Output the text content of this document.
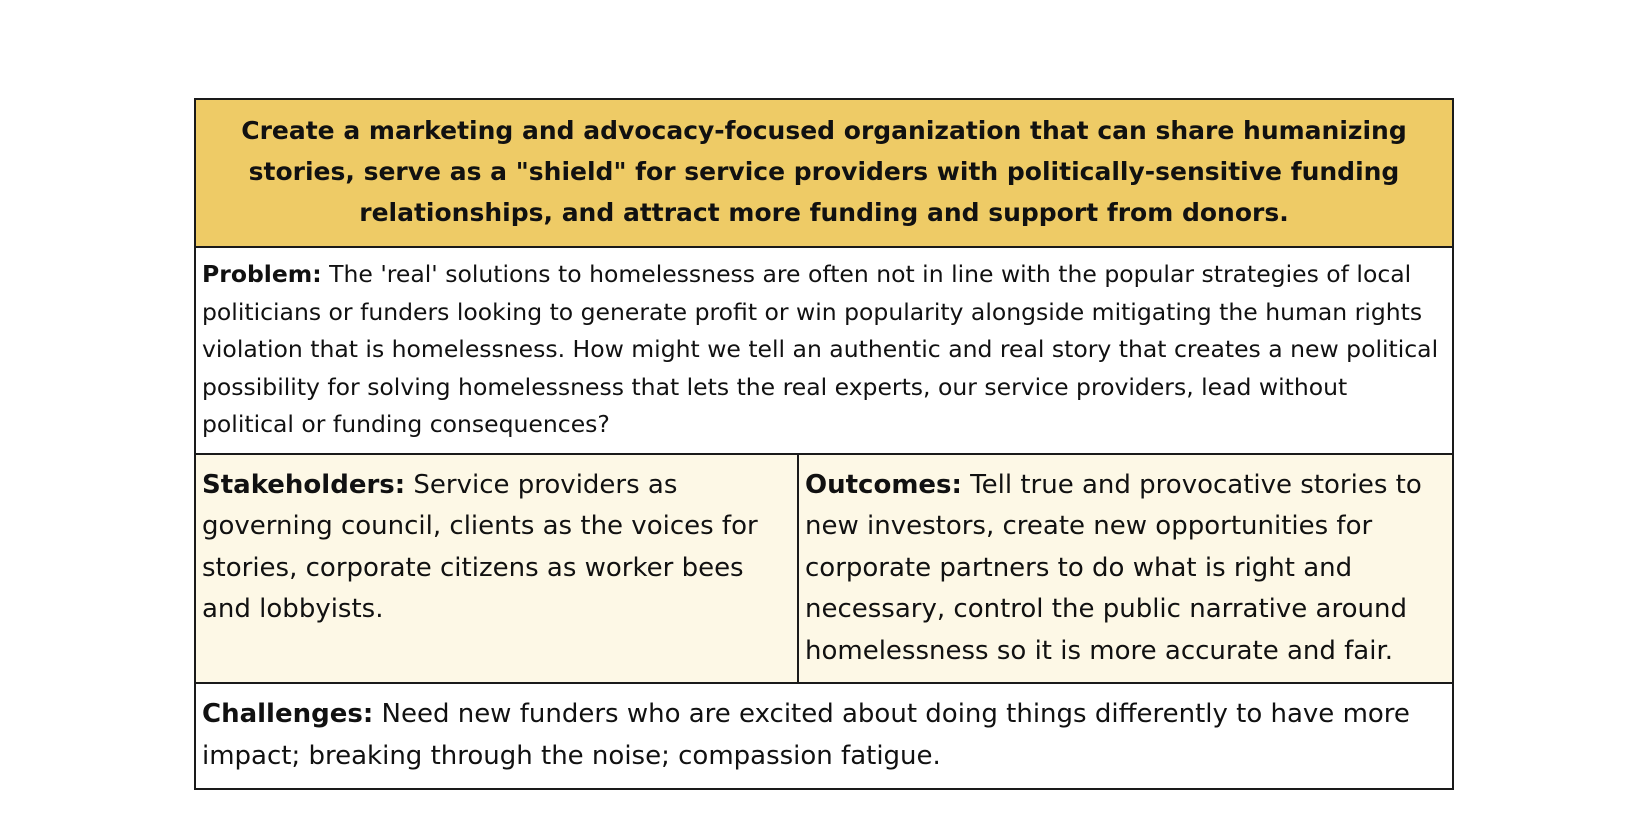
Create a marketing and advocacy-focused organization that can share humanizing stories, serve as a "shield" for service providers with politically-sensitive funding relationships, and attract more funding and support from donors.
Problem: The 'real' solutions to homelessness are often not in line with the popular strategies of local politicians or funders looking to generate profit or win popularity alongside mitigating the human rights violation that is homelessness. How might we tell an authentic and real story that creates a new political possibility for solving homelessness that lets the real experts, our service providers, lead without political or funding consequences?
Stakeholders: Service providers as governing council, clients as the voices for stories, corporate citizens as worker bees and lobbyists.
Outcomes: Tell true and provocative stories to new investors, create new opportunities for corporate partners to do what is right and necessary, control the public narrative around homelessness so it is more accurate and fair.
Challenges: Need new funders who are excited about doing things differently to have more impact; breaking through the noise; compassion fatigue.
